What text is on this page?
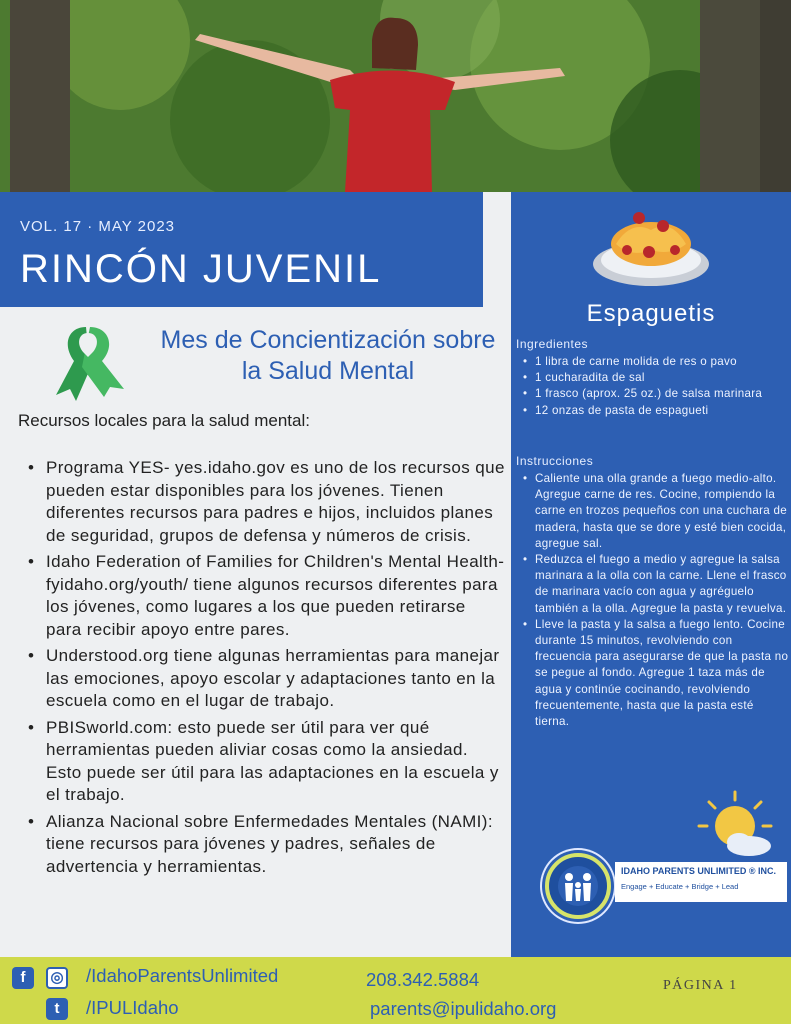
VOL. 17 · MAY 2023
RINCÓN JUVENIL
Mes de Concientización sobre la Salud Mental
Recursos locales para la salud mental:
• Programa YES- yes.idaho.gov es uno de los recursos que pueden estar disponibles para los jóvenes. Tienen diferentes recursos para padres e hijos, incluidos planes de seguridad, grupos de defensa y números de crisis.
• Idaho Federation of Families for Children's Mental Health- fyidaho.org/youth/ tiene algunos recursos diferentes para los jóvenes, como lugares a los que pueden retirarse para recibir apoyo entre pares.
• Understood.org tiene algunas herramientas para manejar las emociones, apoyo escolar y adaptaciones tanto en la escuela como en el lugar de trabajo.
• PBISworld.com: esto puede ser útil para ver qué herramientas pueden aliviar cosas como la ansiedad. Esto puede ser útil para las adaptaciones en la escuela y el trabajo.
• Alianza Nacional sobre Enfermedades Mentales (NAMI): tiene recursos para jóvenes y padres, señales de advertencia y herramientas.
Espaguetis
Ingredientes
• 1 libra de carne molida de res o pavo
• 1 cucharadita de sal
• 1 frasco (aprox. 25 oz.) de salsa marinara
• 12 onzas de pasta de espagueti
Instrucciones
• Caliente una olla grande a fuego medio-alto. Agregue carne de res. Cocine, rompiendo la carne en trozos pequeños con una cuchara de madera, hasta que se dore y esté bien cocida, agregue sal.
• Reduzca el fuego a medio y agregue la salsa marinara a la olla con la carne. Llene el frasco de marinara vacío con agua y agréguelo también a la olla. Agregue la pasta y revuelva.
• Lleve la pasta y la salsa a fuego lento. Cocine durante 15 minutos, revolviendo con frecuencia para asegurarse de que la pasta no se pegue al fondo. Agregue 1 taza más de agua y continúe cocinando, revolviendo frecuentemente, hasta que la pasta esté tierna.
IDAHO PARENTS UNLIMITED ® INC.
Engage + Educate + Bridge + Lead
f	◎ /IdahoParentsUnlimited
t	/IPULIdaho
208.342.5884
parents@ipulidaho.org
PÁGINA 1
